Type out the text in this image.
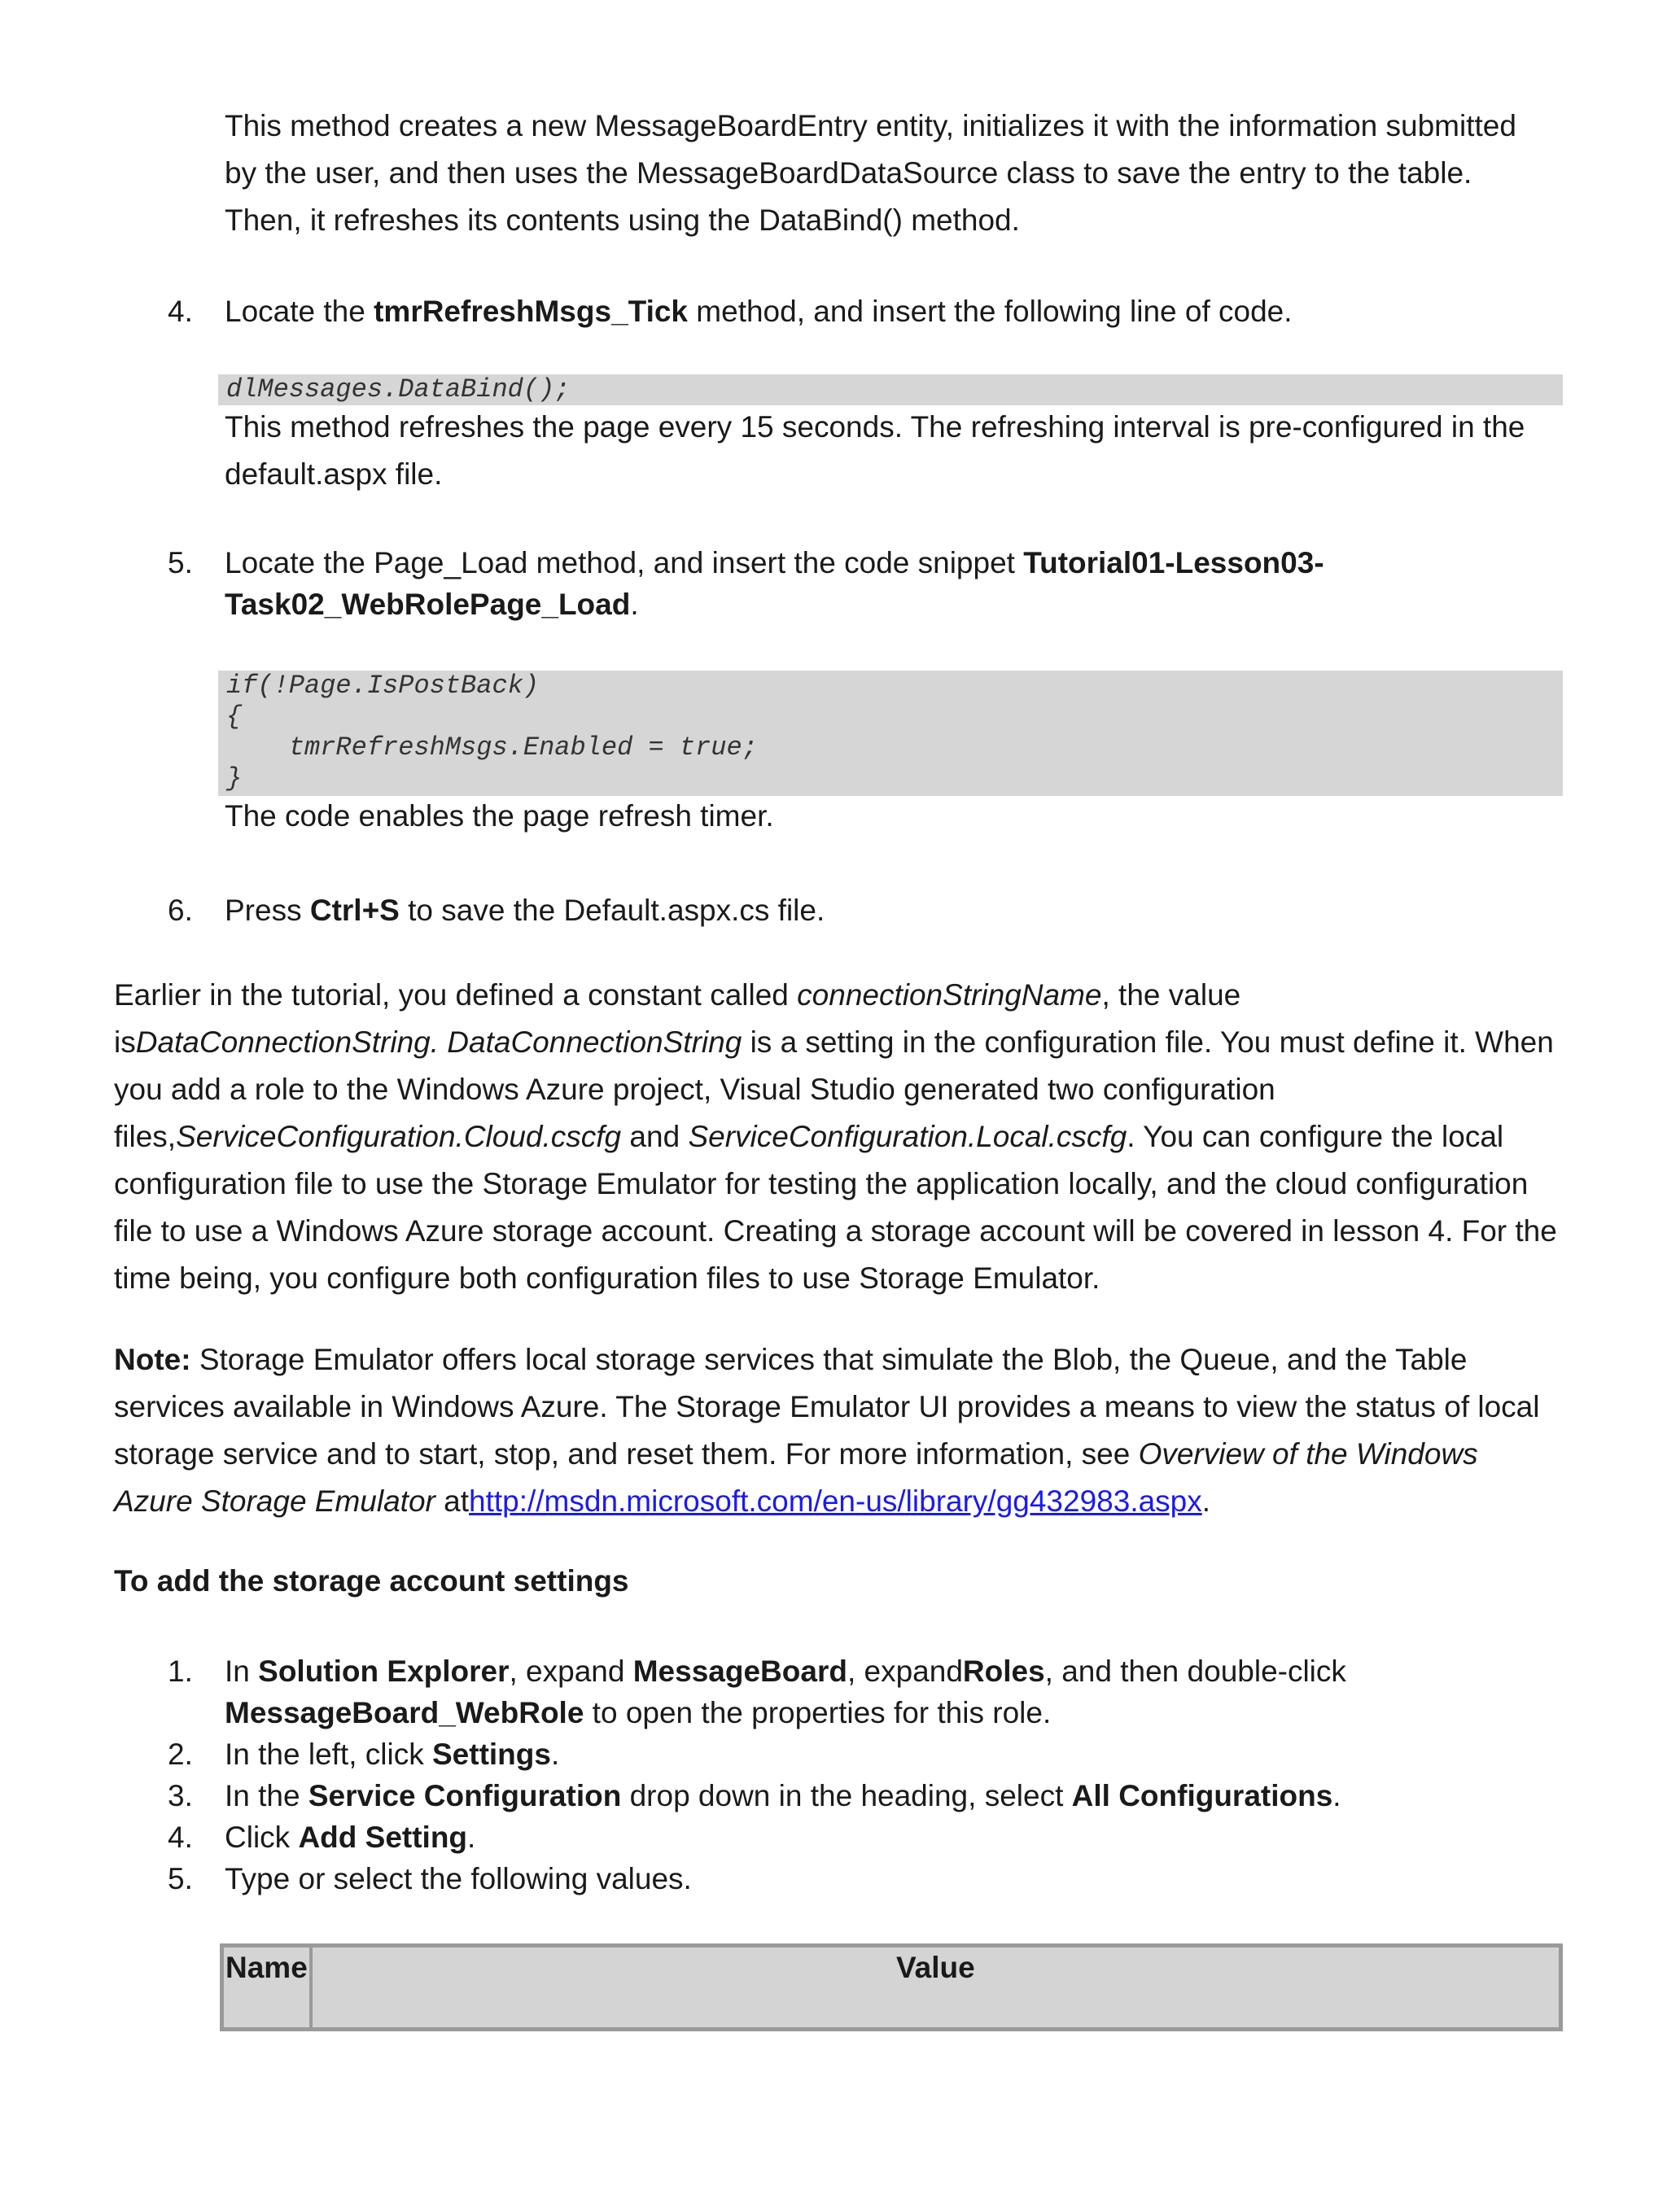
This method creates a new MessageBoardEntry entity, initializes it with the information submitted by the user, and then uses the MessageBoardDataSource class to save the entry to the table. Then, it refreshes its contents using the DataBind() method.
4.	Locate the tmrRefreshMsgs_Tick method, and insert the following line of code.
dlMessages.DataBind();
This method refreshes the page every 15 seconds. The refreshing interval is pre-configured in the default.aspx file.
5.	Locate the Page_Load method, and insert the code snippet Tutorial01-Lesson03-Task02_WebRolePage_Load.
if(!Page.IsPostBack)
{
tmrRefreshMsgs.Enabled = true;
}
The code enables the page refresh timer.
6.	Press Ctrl+S to save the Default.aspx.cs file.
Earlier in the tutorial, you defined a constant called connectionStringName, the value isDataConnectionString. DataConnectionString is a setting in the configuration file. You must define it. When you add a role to the Windows Azure project, Visual Studio generated two configuration files,ServiceConfiguration.Cloud.cscfg and ServiceConfiguration.Local.cscfg. You can configure the local configuration file to use the Storage Emulator for testing the application locally, and the cloud configuration file to use a Windows Azure storage account. Creating a storage account will be covered in lesson 4. For the time being, you configure both configuration files to use Storage Emulator.
Note: Storage Emulator offers local storage services that simulate the Blob, the Queue, and the Table services available in Windows Azure. The Storage Emulator UI provides a means to view the status of local storage service and to start, stop, and reset them. For more information, see Overview of the Windows Azure Storage Emulator athttp://msdn.microsoft.com/en-us/library/gg432983.aspx.
To add the storage account settings
1. In Solution Explorer, expand MessageBoard, expandRoles, and then double-click MessageBoard_WebRole to open the properties for this role.
2. In the left, click Settings.
3. In the Service Configuration drop down in the heading, select All Configurations.
4. Click Add Setting.
5. Type or select the following values.
Name	Value
